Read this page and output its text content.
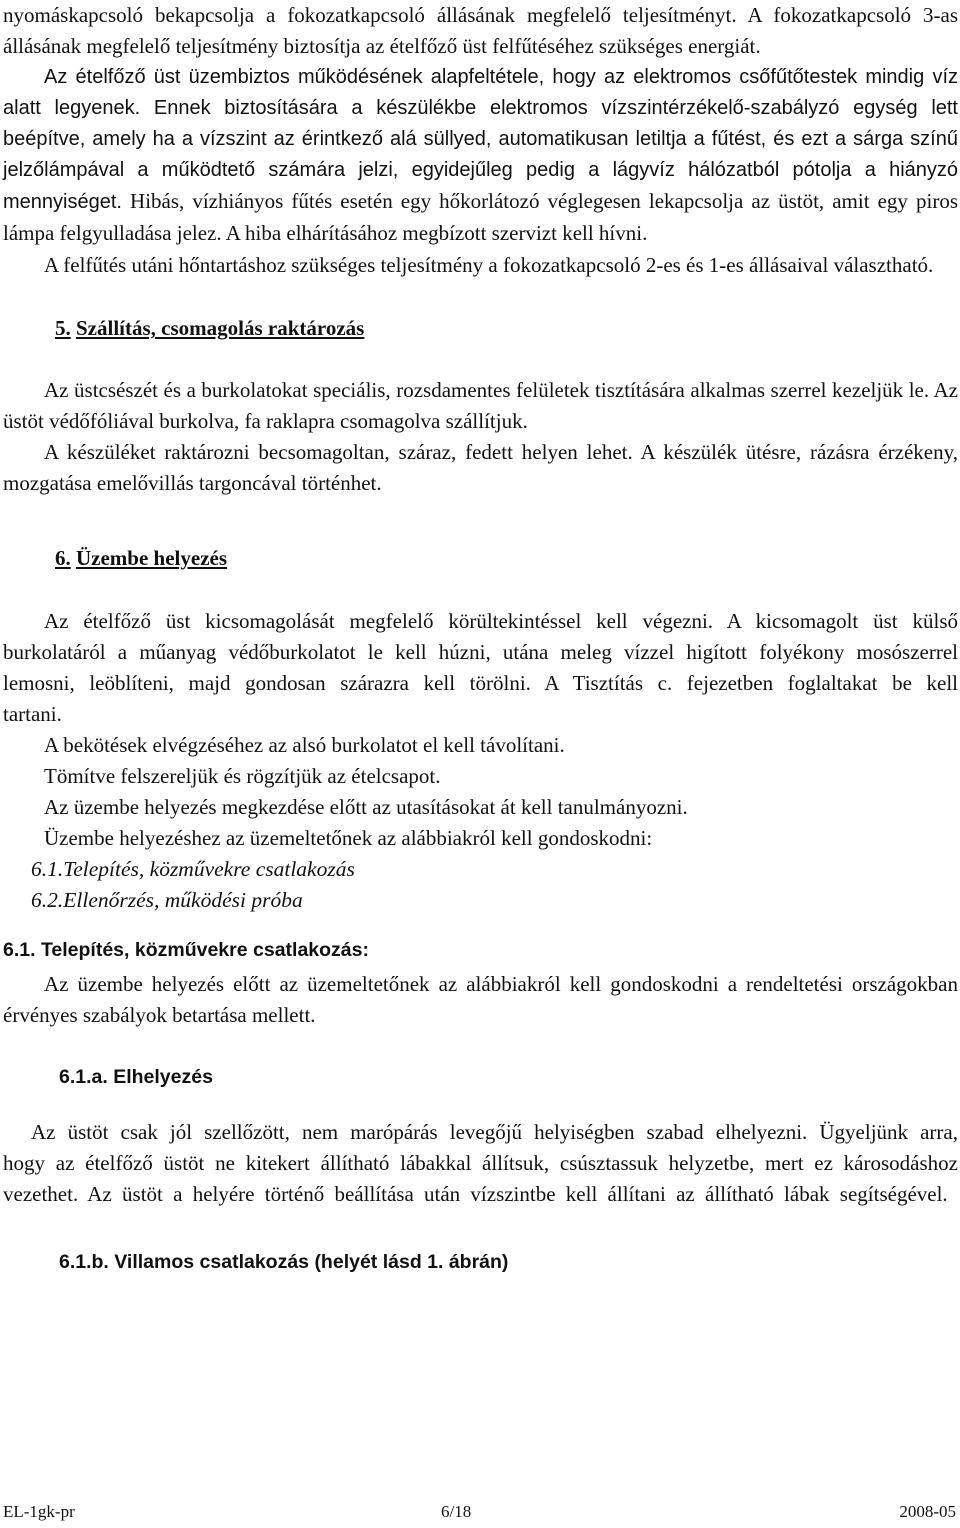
nyomáskapcsoló bekapcsolja a fokozatkapcsoló állásának megfelelő teljesítményt. A fokozatkapcsoló 3-as állásának megfelelő teljesítmény biztosítja az ételfőző üst felfűtéséhez szükséges energiát.

Az ételfőző üst üzembiztos működésének alapfeltétele, hogy az elektromos csőfűtőtestek mindig víz alatt legyenek. Ennek biztosítására a készülékbe elektromos vízszintérzékelő-szabályzó egység lett beépítve, amely ha a vízszint az érintkező alá süllyed, automatikusan letiltja a fűtést, és ezt a sárga színű jelzőlámpával a működtető számára jelzi, egyidejűleg pedig a lágyvíz hálózatból pótolja a hiányzó mennyiséget. Hibás, vízhiányos fűtés esetén egy hőkorlátozó véglegesen lekapcsolja az üstöt, amit egy piros lámpa felgyulladása jelez. A hiba elhárításához megbízott szervizt kell hívni.

A felfűtés utáni hőntartáshoz szükséges teljesítmény a fokozatkapcsoló 2-es és 1-es állásaival választható.

5. Szállítás, csomagolás raktározás

Az üstcsészét és a burkolatokat speciális, rozsdamentes felületek tisztítására alkalmas szerrel kezeljük le. Az üstöt védőfóliával burkolva, fa raklapra csomagolva szállítjuk.

A készüléket raktározni becsomagoltan, száraz, fedett helyen lehet. A készülék ütésre, rázásra érzékeny, mozgatása emelővillás targoncával történhet.

6. Üzembe helyezés

Az ételfőző üst kicsomagolását megfelelő körültekintéssel kell végezni. A kicsomagolt üst külső burkolatáról a műanyag védőburkolatot le kell húzni, utána meleg vízzel higított folyékony mosószerrel lemosni, leöblíteni, majd gondosan szárazra kell törölni. A Tisztítás c. fejezetben foglaltakat be kell tartani.

A bekötések elvégzéséhez az alsó burkolatot el kell távolítani.

Tömítve felszereljük és rögzítjük az ételcsapot.

Az üzembe helyezés megkezdése előtt az utasításokat át kell tanulmányozni.

Üzembe helyezéshez az üzemeltetőnek az alábbiakról kell gondoskodni:

6.1.Telepítés, közművekre csatlakozás

6.2.Ellenőrzés, működési próba

6.1. Telepítés, közművekre csatlakozás:

Az üzembe helyezés előtt az üzemeltetőnek az alábbiakról kell gondoskodni a rendeltetési országokban érvényes szabályok betartása mellett.

6.1.a. Elhelyezés

Az üstöt csak jól szellőzött, nem marópárás levegőjű helyiségben szabad elhelyezni. Ügyeljünk arra, hogy az ételfőző üstöt ne kitekert állítható lábakkal állítsuk, csúsztassuk helyzetbe, mert ez károsodáshoz vezethet. Az üstöt a helyére történő beállítása után vízszintbe kell állítani az állítható lábak segítségével.

6.1.b. Villamos csatlakozás (helyét lásd 1. ábrán)

EL-1gk-pr	6/18	2008-05
